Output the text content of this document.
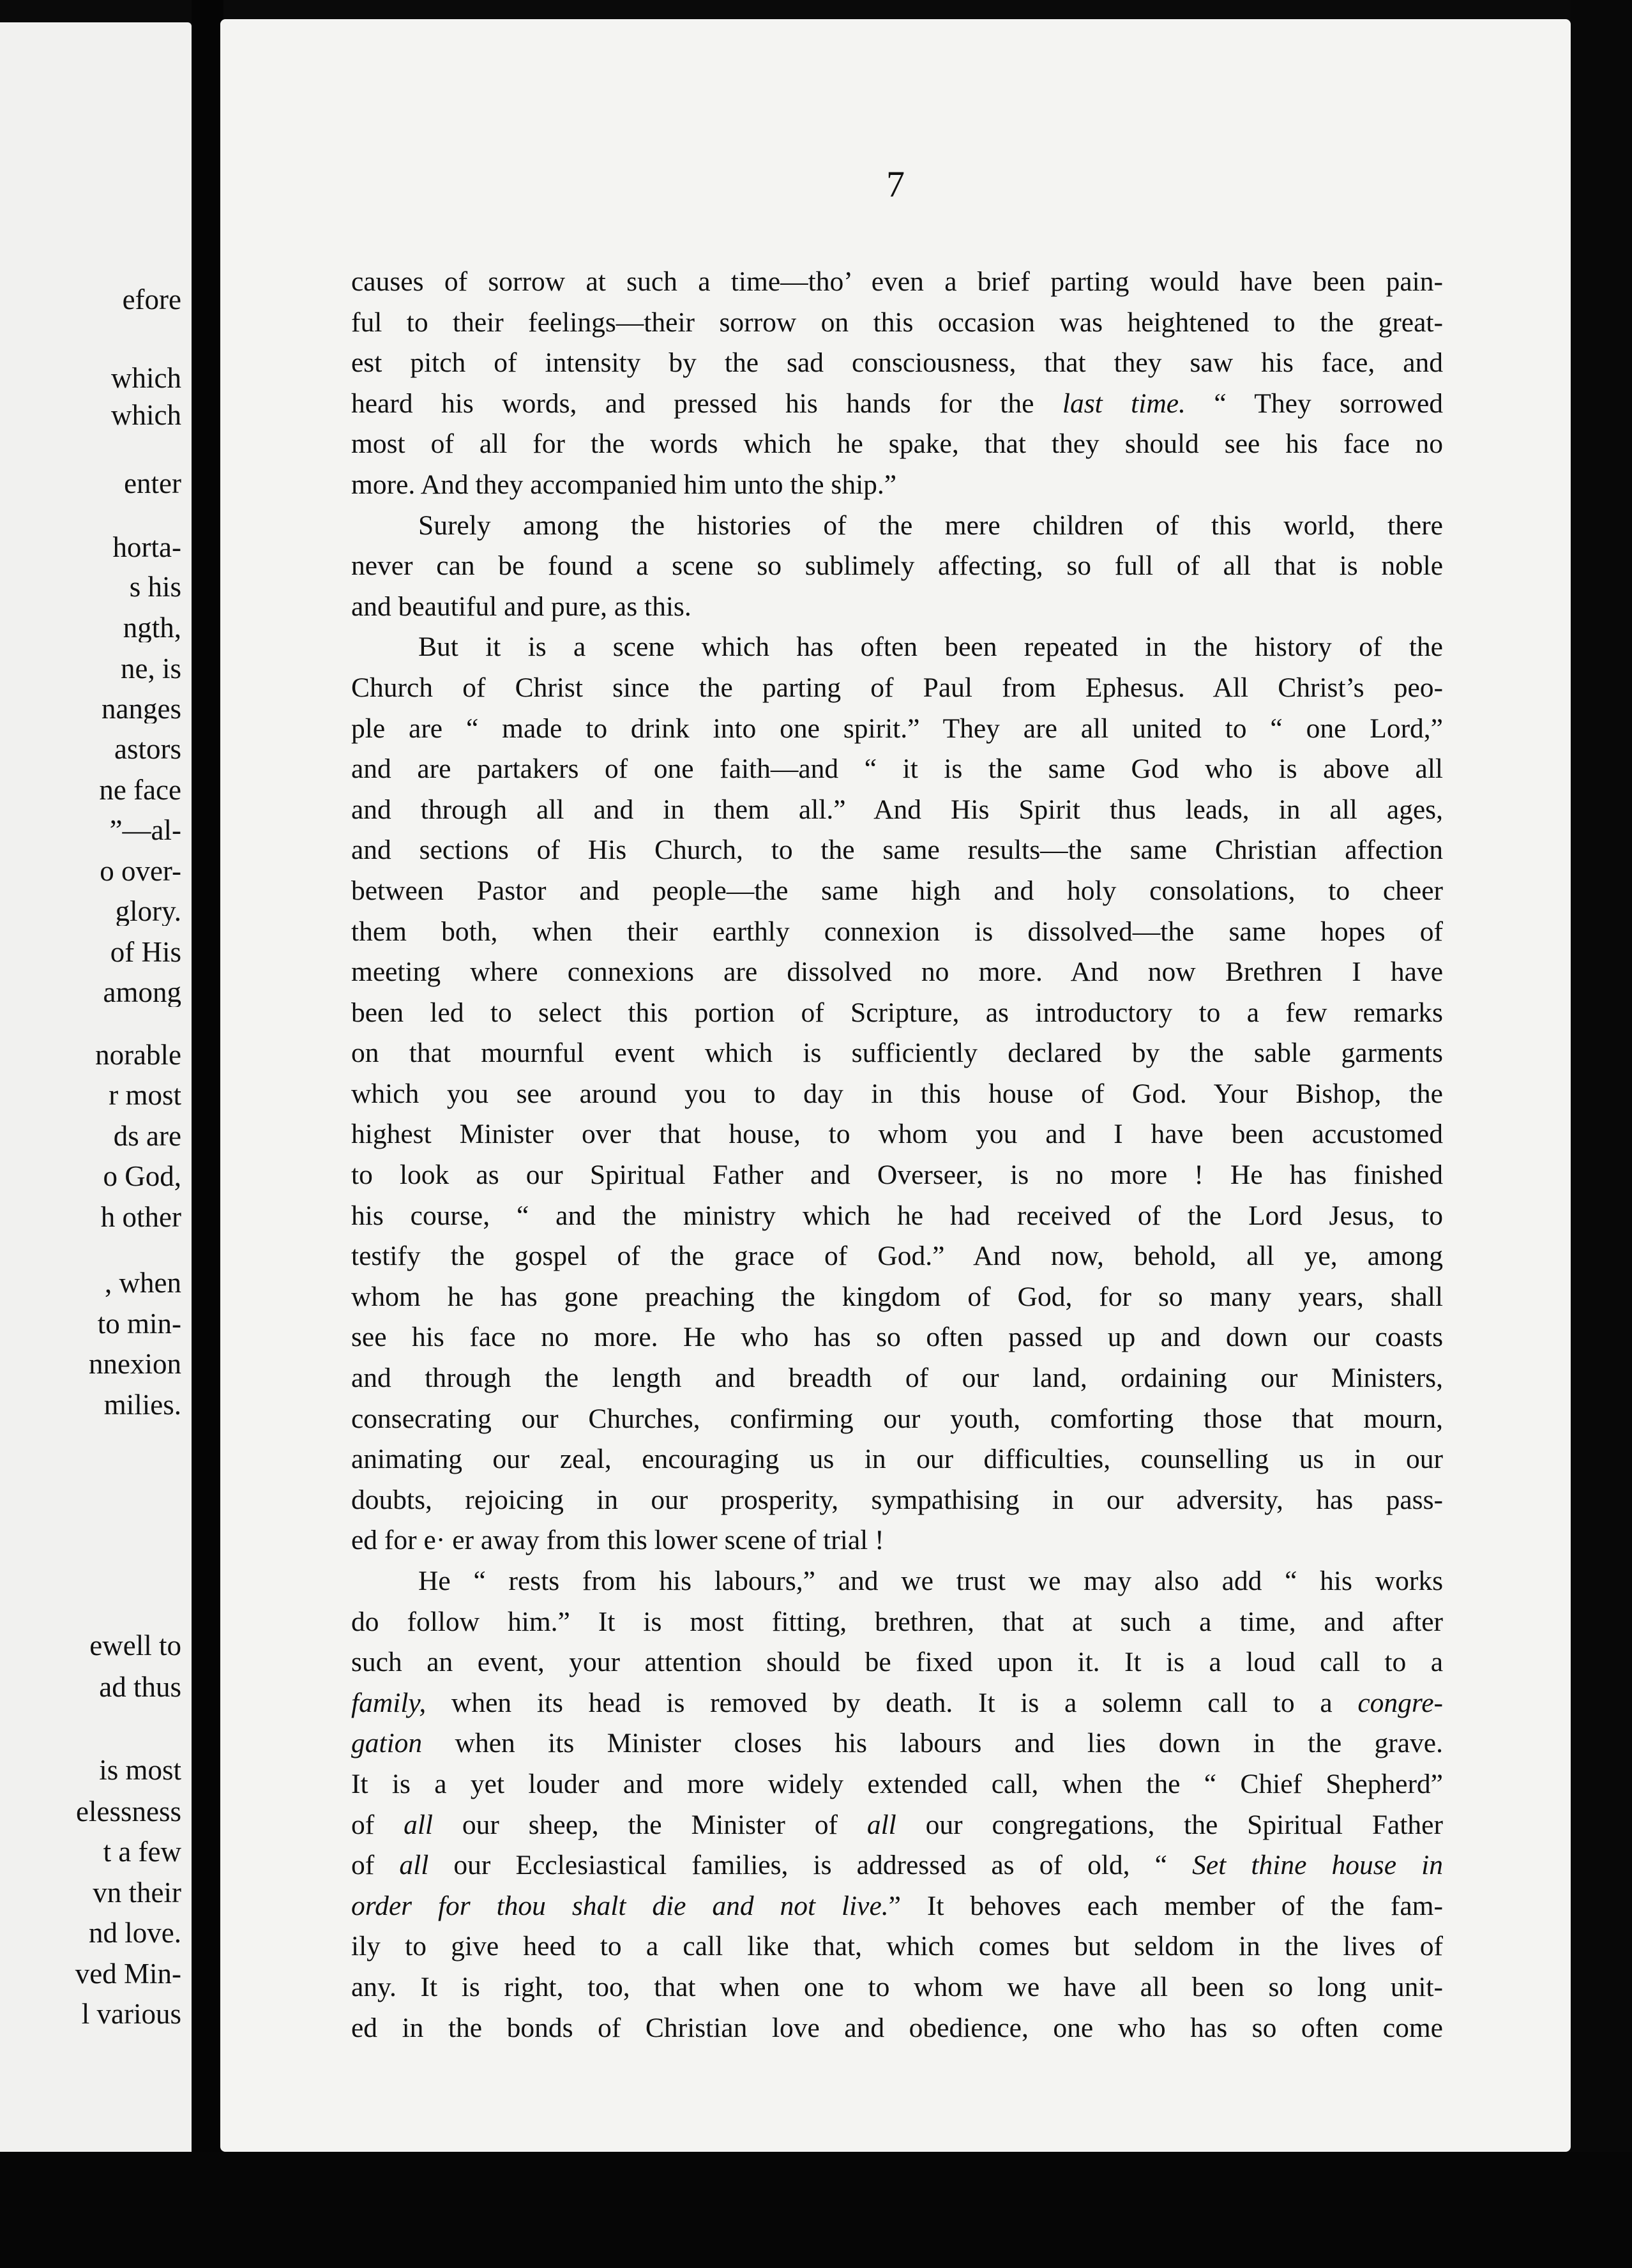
efore
which
which
enter
horta-
s his
ngth,
ne, is
nanges
astors
ne face
”—al-
o over-
glory.
of His
among
norable
r most
ds are
o God,
h other
, when
to min-
nnexion
milies.
ewell to
ad thus
is most
elessness
t a few
vn their
nd love.
ved Min-
l various
7
causes of sorrow at such a time—tho’ even a brief parting would have been pain-
ful to their feelings—their sorrow on this occasion was heightened to the great-
est pitch of intensity by the sad consciousness, that they saw his face, and
heard his words, and pressed his hands for the last time. “ They sorrowed
most of all for the words which he spake, that they should see his face no
more. And they accompanied him unto the ship.”
Surely among the histories of the mere children of this world, there
never can be found a scene so sublimely affecting, so full of all that is noble
and beautiful and pure, as this.
But it is a scene which has often been repeated in the history of the
Church of Christ since the parting of Paul from Ephesus. All Christ’s peo-
ple are “ made to drink into one spirit.” They are all united to “ one Lord,”
and are partakers of one faith—and “ it is the same God who is above all
and through all and in them all.” And His Spirit thus leads, in all ages,
and sections of His Church, to the same results—the same Christian affection
between Pastor and people—the same high and holy consolations, to cheer
them both, when their earthly connexion is dissolved—the same hopes of
meeting where connexions are dissolved no more. And now Brethren I have
been led to select this portion of Scripture, as introductory to a few remarks
on that mournful event which is sufficiently declared by the sable garments
which you see around you to day in this house of God. Your Bishop, the
highest Minister over that house, to whom you and I have been accustomed
to look as our Spiritual Father and Overseer, is no more ! He has finished
his course, “ and the ministry which he had received of the Lord Jesus, to
testify the gospel of the grace of God.” And now, behold, all ye, among
whom he has gone preaching the kingdom of God, for so many years, shall
see his face no more. He who has so often passed up and down our coasts
and through the length and breadth of our land, ordaining our Ministers,
consecrating our Churches, confirming our youth, comforting those that mourn,
animating our zeal, encouraging us in our difficulties, counselling us in our
doubts, rejoicing in our prosperity, sympathising in our adversity, has pass-
ed for e· er away from this lower scene of trial !
He “ rests from his labours,” and we trust we may also add “ his works
do follow him.” It is most fitting, brethren, that at such a time, and after
such an event, your attention should be fixed upon it. It is a loud call to a
family, when its head is removed by death. It is a solemn call to a congre-
gation when its Minister closes his labours and lies down in the grave.
It is a yet louder and more widely extended call, when the “ Chief Shepherd”
of all our sheep, the Minister of all our congregations, the Spiritual Father
of all our Ecclesiastical families, is addressed as of old, “ Set thine house in
order for thou shalt die and not live.” It behoves each member of the fam-
ily to give heed to a call like that, which comes but seldom in the lives of
any. It is right, too, that when one to whom we have all been so long unit-
ed in the bonds of Christian love and obedience, one who has so often come
